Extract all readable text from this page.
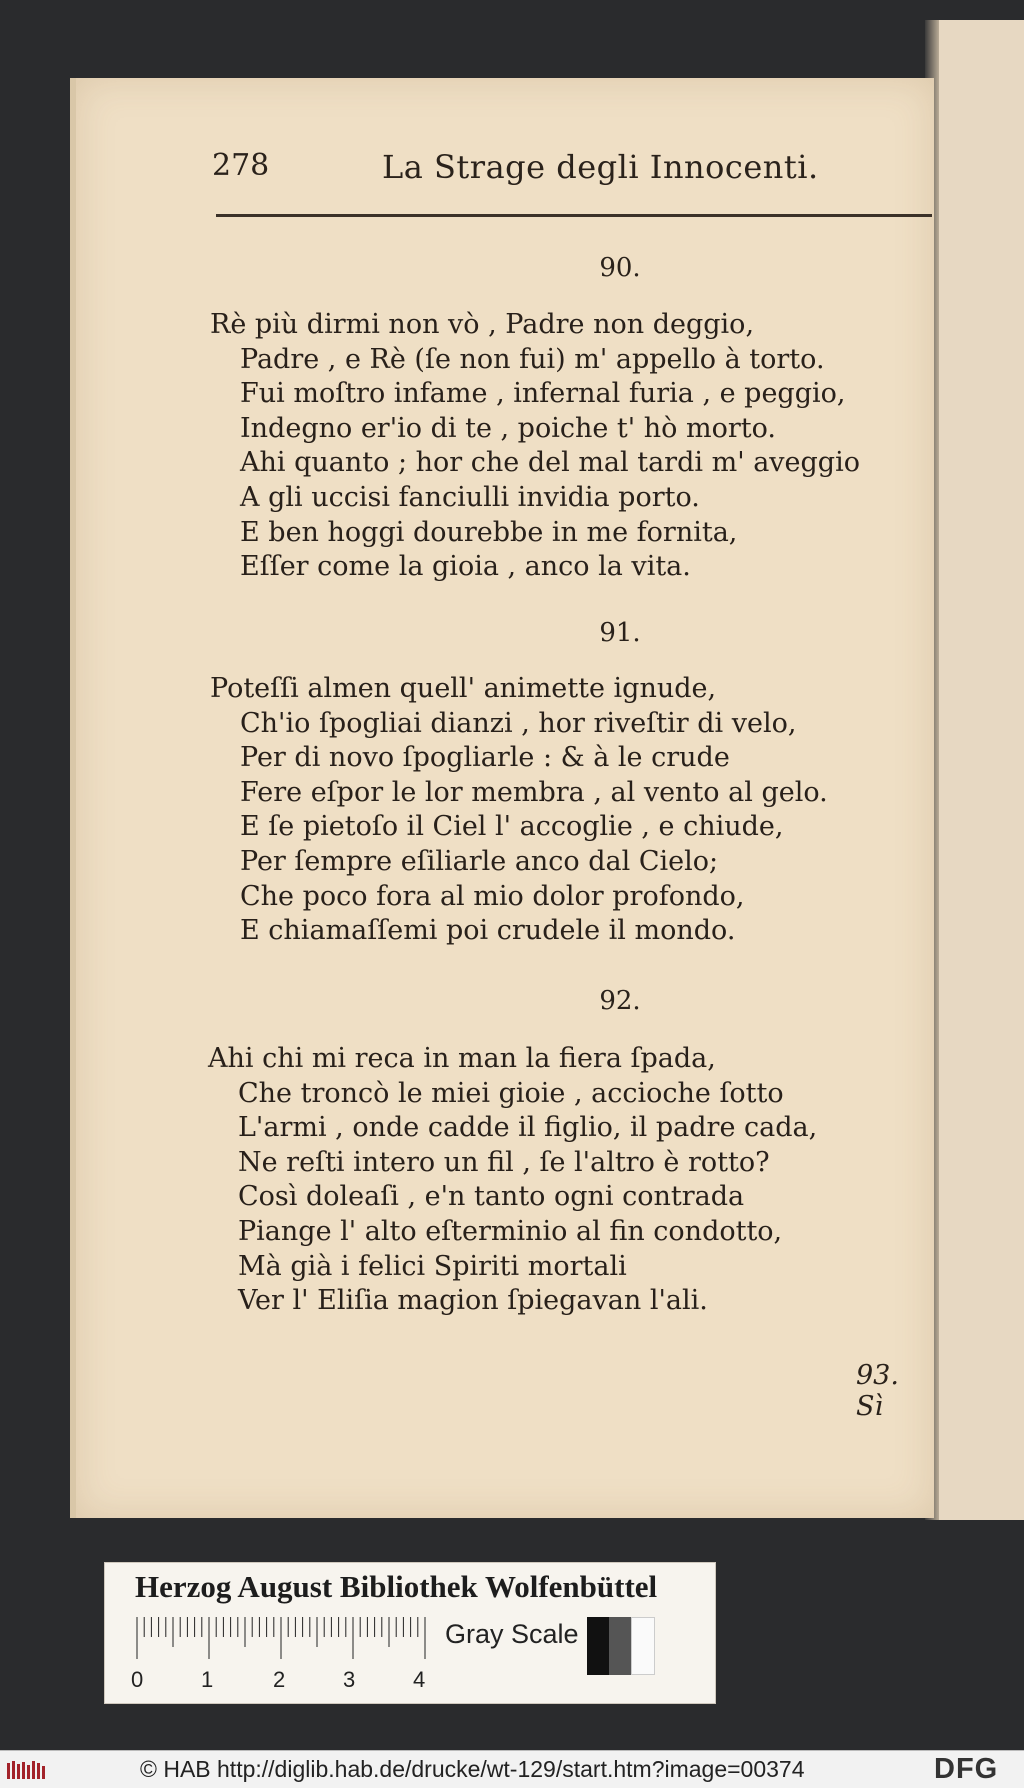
278	La Strage degli Innocenti.
90.
Rè più dirmi non vò , Padre non deggio,
Padre , e Rè (ſe non fui) m' appello à torto.
Fui moſtro infame , infernal furia , e peggio,
Indegno er'io di te , poiche t' hò morto.
Ahi quanto ; hor che del mal tardi m' aveggio
A gli uccisi fanciulli invidia porto.
E ben hoggi dourebbe in me fornita,
Eſſer come la gioia , anco la vita.
91.
Poteſſi almen quell' animette ignude,
Ch'io ſpogliai dianzi , hor riveſtir di velo,
Per di novo ſpogliarle : & à le crude
Fere eſpor le lor membra , al vento al gelo.
E ſe pietoſo il Ciel l' accoglie , e chiude,
Per ſempre eſiliarle anco dal Cielo;
Che poco fora al mio dolor profondo,
E chiamaſſemi poi crudele il mondo.
92.
Ahi chi mi reca in man la fiera ſpada,
Che troncò le miei gioie , accioche ſotto
L'armi , onde cadde il figlio, il padre cada,
Ne reſti intero un fil , ſe l'altro è rotto?
Così doleaſi , e'n tanto ogni contrada
Piange l' alto eſterminio al fin condotto,
Mà già i felici Spiriti mortali
Ver l' Eliſia magion ſpiegavan l'ali.
93. Sì
Herzog August Bibliothek Wolfenbüttel
0	1	2	3	4
Gray Scale
© HAB http://diglib.hab.de/drucke/wt-129/start.htm?image=00374	DFG
